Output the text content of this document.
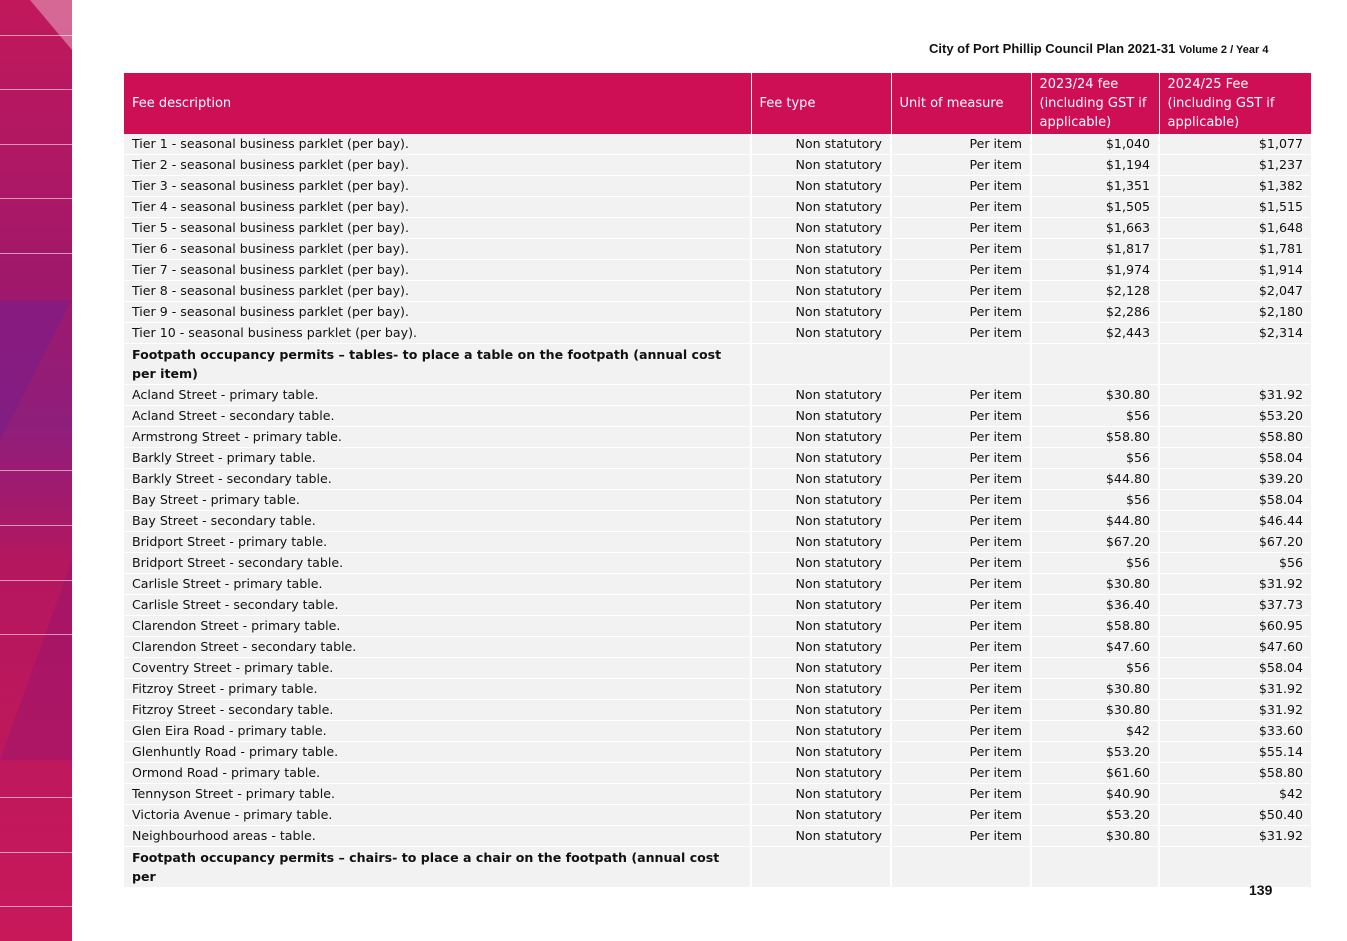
City of Port Phillip Council Plan 2021-31 Volume 2 / Year 4
Fee description	Fee type	Unit of measure	2023/24 fee (including GST if applicable)	2024/25 Fee (including GST if applicable)
Tier 1 - seasonal business parklet (per bay).	Non statutory	Per item	$1,040	$1,077
Tier 2 - seasonal business parklet (per bay).	Non statutory	Per item	$1,194	$1,237
Tier 3 - seasonal business parklet (per bay).	Non statutory	Per item	$1,351	$1,382
Tier 4 - seasonal business parklet (per bay).	Non statutory	Per item	$1,505	$1,515
Tier 5 - seasonal business parklet (per bay).	Non statutory	Per item	$1,663	$1,648
Tier 6 - seasonal business parklet (per bay).	Non statutory	Per item	$1,817	$1,781
Tier 7 - seasonal business parklet (per bay).	Non statutory	Per item	$1,974	$1,914
Tier 8 - seasonal business parklet (per bay).	Non statutory	Per item	$2,128	$2,047
Tier 9 - seasonal business parklet (per bay).	Non statutory	Per item	$2,286	$2,180
Tier 10 - seasonal business parklet (per bay).	Non statutory	Per item	$2,443	$2,314
Footpath occupancy permits – tables- to place a table on the footpath (annual cost per item)				
Acland Street - primary table.	Non statutory	Per item	$30.80	$31.92
Acland Street - secondary table.	Non statutory	Per item	$56	$53.20
Armstrong Street - primary table.	Non statutory	Per item	$58.80	$58.80
Barkly Street - primary table.	Non statutory	Per item	$56	$58.04
Barkly Street - secondary table.	Non statutory	Per item	$44.80	$39.20
Bay Street - primary table.	Non statutory	Per item	$56	$58.04
Bay Street - secondary table.	Non statutory	Per item	$44.80	$46.44
Bridport Street - primary table.	Non statutory	Per item	$67.20	$67.20
Bridport Street - secondary table.	Non statutory	Per item	$56	$56
Carlisle Street - primary table.	Non statutory	Per item	$30.80	$31.92
Carlisle Street - secondary table.	Non statutory	Per item	$36.40	$37.73
Clarendon Street - primary table.	Non statutory	Per item	$58.80	$60.95
Clarendon Street - secondary table.	Non statutory	Per item	$47.60	$47.60
Coventry Street - primary table.	Non statutory	Per item	$56	$58.04
Fitzroy Street - primary table.	Non statutory	Per item	$30.80	$31.92
Fitzroy Street - secondary table.	Non statutory	Per item	$30.80	$31.92
Glen Eira Road - primary table.	Non statutory	Per item	$42	$33.60
Glenhuntly Road - primary table.	Non statutory	Per item	$53.20	$55.14
Ormond Road - primary table.	Non statutory	Per item	$61.60	$58.80
Tennyson Street - primary table.	Non statutory	Per item	$40.90	$42
Victoria Avenue - primary table.	Non statutory	Per item	$53.20	$50.40
Neighbourhood areas - table.	Non statutory	Per item	$30.80	$31.92
Footpath occupancy permits – chairs- to place a chair on the footpath (annual cost per				
139
